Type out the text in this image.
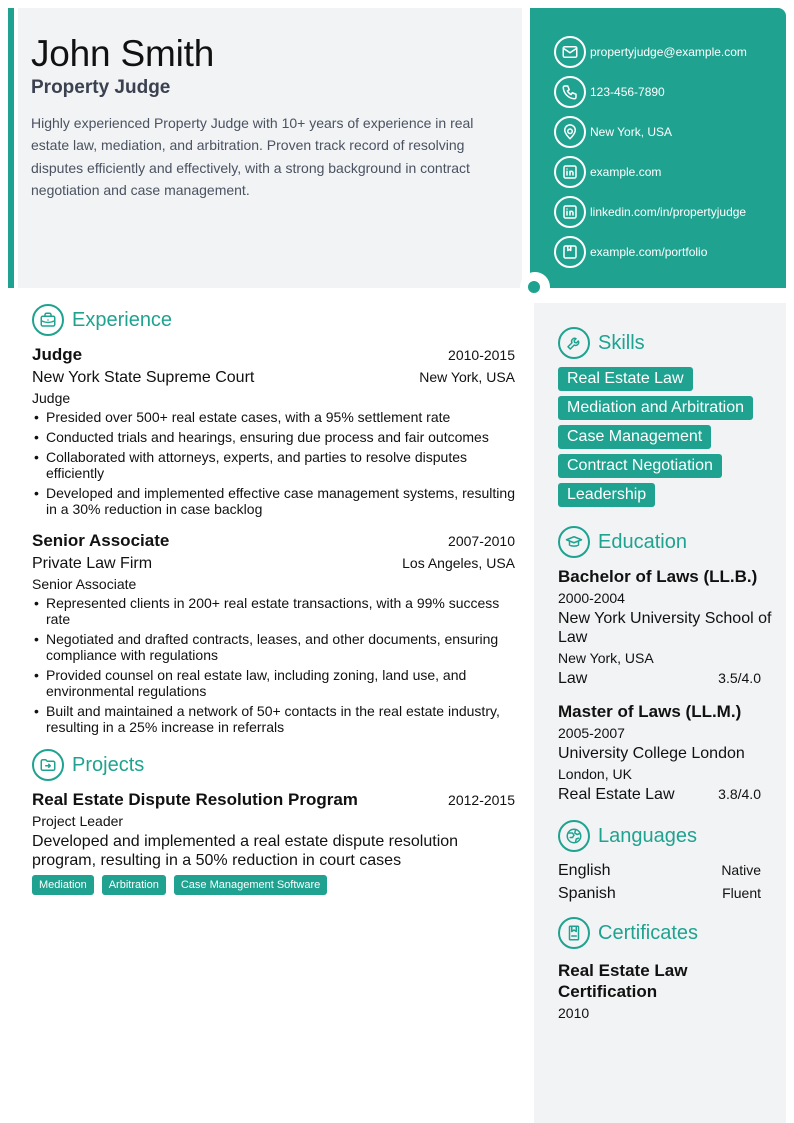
John Smith
Property Judge

Highly experienced Property Judge with 10+ years of experience in real estate law, mediation, and arbitration. Proven track record of resolving disputes efficiently and effectively, with a strong background in contract negotiation and case management.

propertyjudge@example.com
123-456-7890
New York, USA
example.com
linkedin.com/in/propertyjudge
example.com/portfolio
Experience
Judge	2010-2015
New York State Supreme Court	New York, USA
Judge
• Presided over 500+ real estate cases, with a 95% settlement rate
• Conducted trials and hearings, ensuring due process and fair outcomes
• Collaborated with attorneys, experts, and parties to resolve disputes efficiently
• Developed and implemented effective case management systems, resulting in a 30% reduction in case backlog
Senior Associate	2007-2010
Private Law Firm	Los Angeles, USA
Senior Associate
• Represented clients in 200+ real estate transactions, with a 99% success rate
• Negotiated and drafted contracts, leases, and other documents, ensuring compliance with regulations
• Provided counsel on real estate law, including zoning, land use, and environmental regulations
• Built and maintained a network of 50+ contacts in the real estate industry, resulting in a 25% increase in referrals
Projects
Real Estate Dispute Resolution Program	2012-2015
Project Leader

Developed and implemented a real estate dispute resolution program, resulting in a 50% reduction in court cases

Mediation	Arbitration	Case Management Software
Skills
Real Estate Law
Mediation and Arbitration
Case Management
Contract Negotiation
Leadership
Education
Bachelor of Laws (LL.B.)
2000-2004
New York University School of Law
New York, USA
Law	3.5/4.0
Master of Laws (LL.M.)
2005-2007
University College London
London, UK
Real Estate Law	3.8/4.0
Languages
English	Native
Spanish	Fluent
Certificates
Real Estate Law Certification
2010
